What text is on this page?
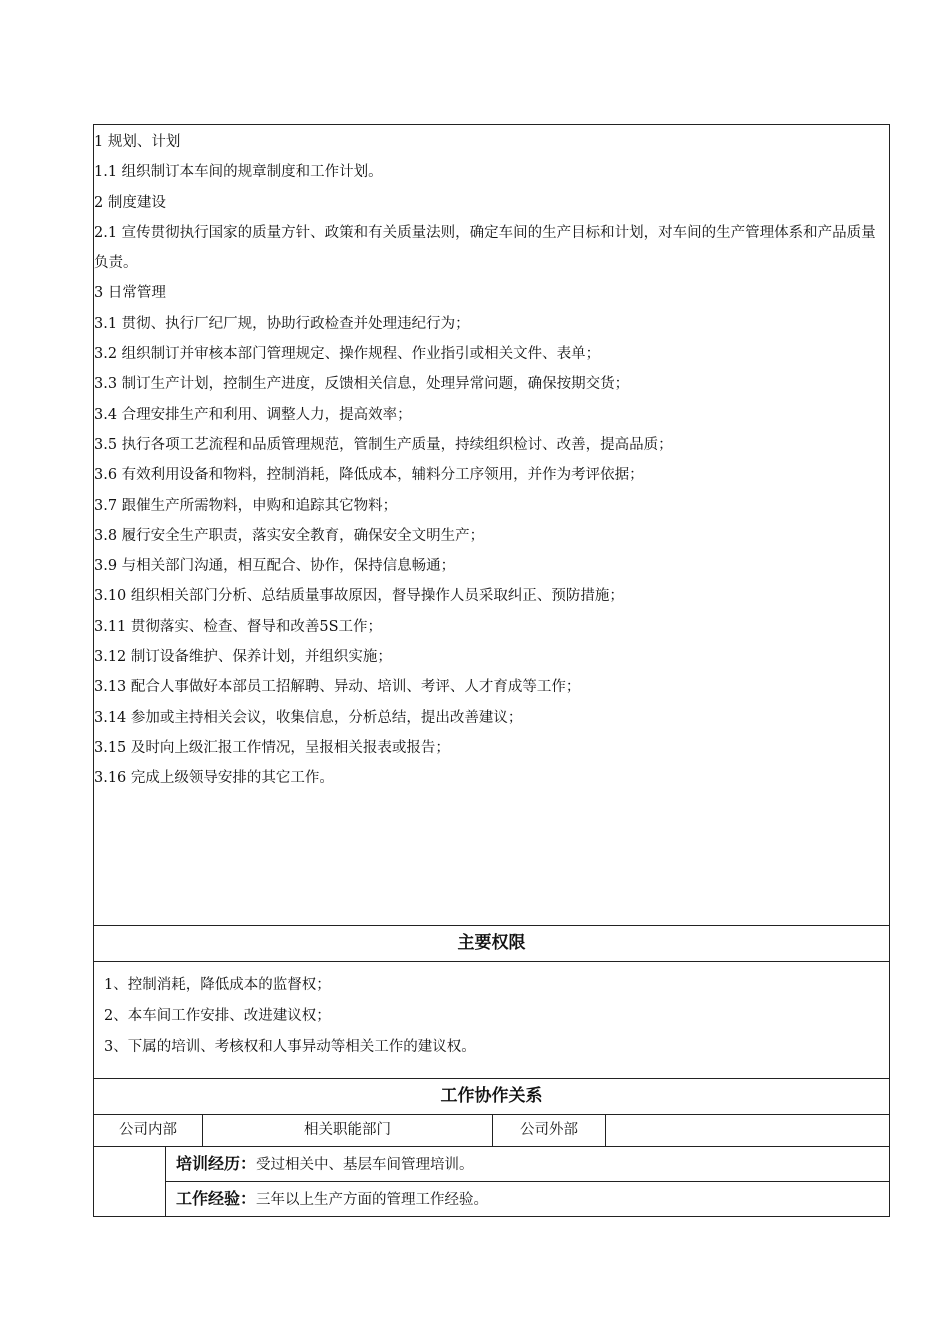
1 规划、计划
1.1 组织制订本车间的规章制度和工作计划。
2 制度建设
2.1 宣传贯彻执行国家的质量方针、政策和有关质量法则，确定车间的生产目标和计划，对车间的生产管理体系和产品质量负责。
3 日常管理
3.1 贯彻、执行厂纪厂规，协助行政检查并处理违纪行为；
3.2 组织制订并审核本部门管理规定、操作规程、作业指引或相关文件、表单；
3.3 制订生产计划，控制生产进度，反馈相关信息，处理异常问题，确保按期交货；
3.4 合理安排生产和利用、调整人力，提高效率；
3.5 执行各项工艺流程和品质管理规范，管制生产质量，持续组织检讨、改善，提高品质；
3.6 有效利用设备和物料，控制消耗，降低成本，辅料分工序领用，并作为考评依据；
3.7 跟催生产所需物料，申购和追踪其它物料；
3.8 履行安全生产职责，落实安全教育，确保安全文明生产；
3.9 与相关部门沟通，相互配合、协作，保持信息畅通；
3.10 组织相关部门分析、总结质量事故原因，督导操作人员采取纠正、预防措施；
3.11 贯彻落实、检查、督导和改善5S工作；
3.12 制订设备维护、保养计划，并组织实施；
3.13 配合人事做好本部员工招解聘、异动、培训、考评、人才育成等工作；
3.14 参加或主持相关会议，收集信息，分析总结，提出改善建议；
3.15 及时向上级汇报工作情况，呈报相关报表或报告；
3.16 完成上级领导安排的其它工作。
主要权限
1、控制消耗，降低成本的监督权；
2、本车间工作安排、改进建议权；
3、下属的培训、考核权和人事异动等相关工作的建议权。
工作协作关系
公司内部	相关职能部门	公司外部
培训经历：受过相关中、基层车间管理培训。
工作经验：三年以上生产方面的管理工作经验。
